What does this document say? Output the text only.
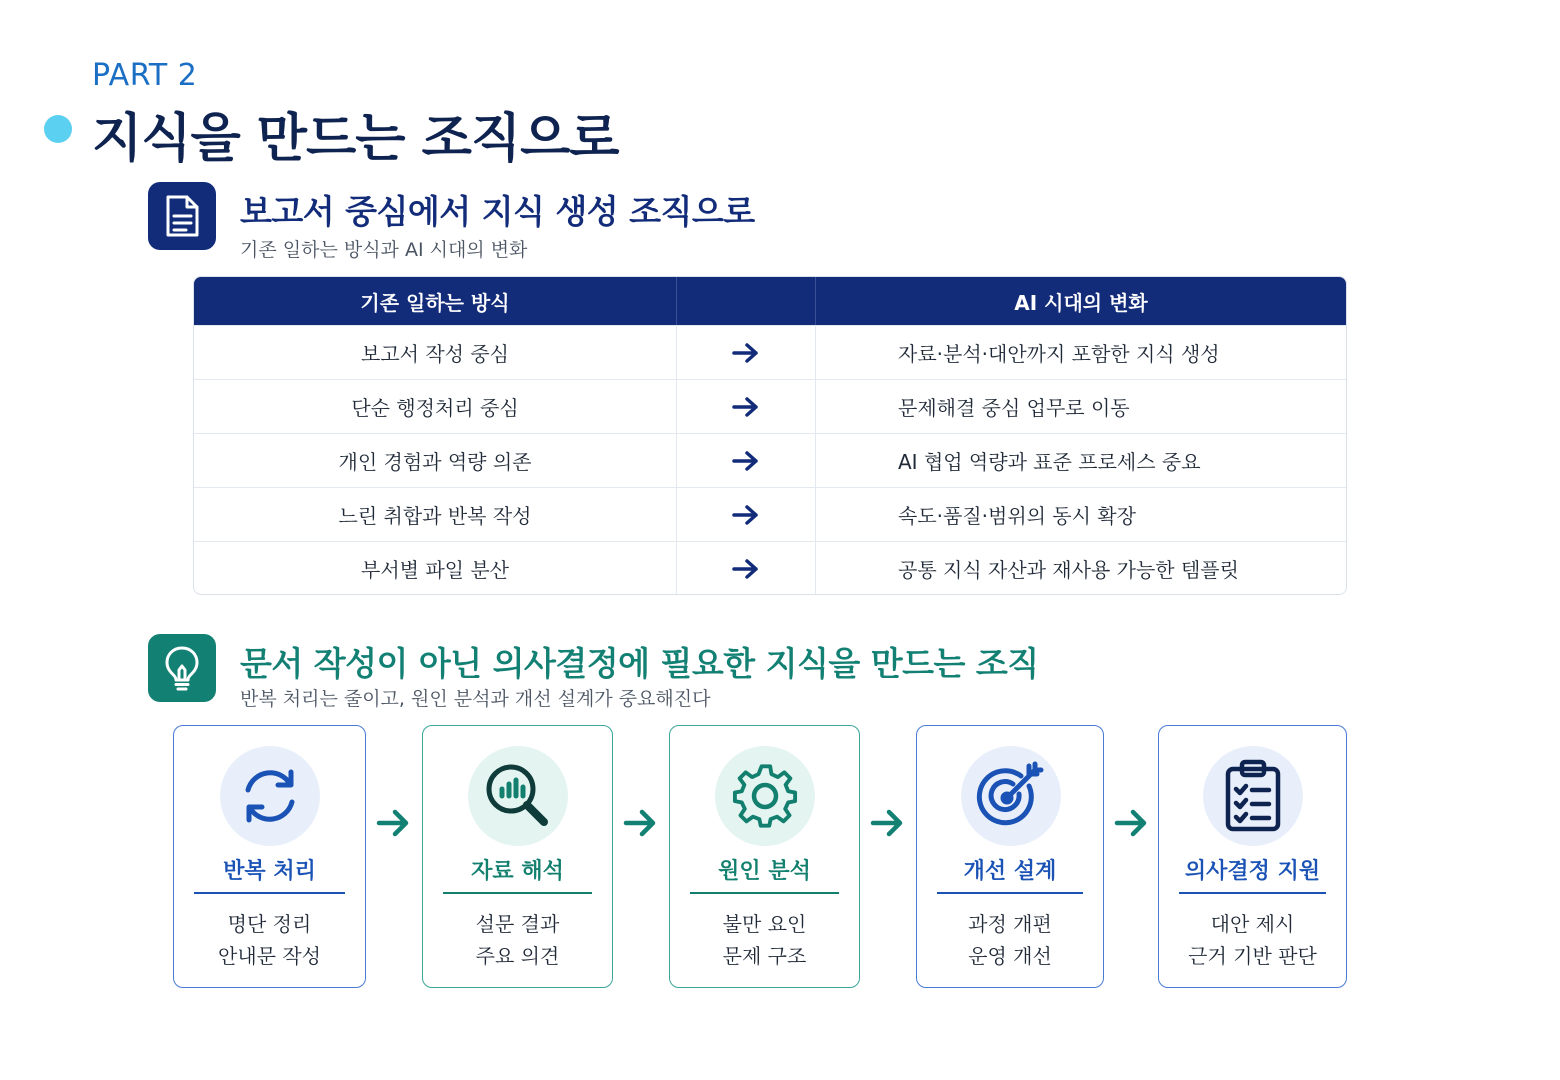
PART 2
지식을 만드는 조직으로
보고서 중심에서 지식 생성 조직으로
기존 일하는 방식과 AI 시대의 변화
기존 일하는 방식	AI 시대의 변화
보고서 작성 중심	자료·분석·대안까지 포함한 지식 생성
단순 행정처리 중심	문제해결 중심 업무로 이동
개인 경험과 역량 의존	AI 협업 역량과 표준 프로세스 중요
느린 취합과 반복 작성	속도·품질·범위의 동시 확장
부서별 파일 분산	공통 지식 자산과 재사용 가능한 템플릿
문서 작성이 아닌 의사결정에 필요한 지식을 만드는 조직
반복 처리는 줄이고, 원인 분석과 개선 설계가 중요해진다
반복 처리
명단 정리
안내문 작성
자료 해석
설문 결과
주요 의견
원인 분석
불만 요인
문제 구조
개선 설계
과정 개편
운영 개선
의사결정 지원
대안 제시
근거 기반 판단
